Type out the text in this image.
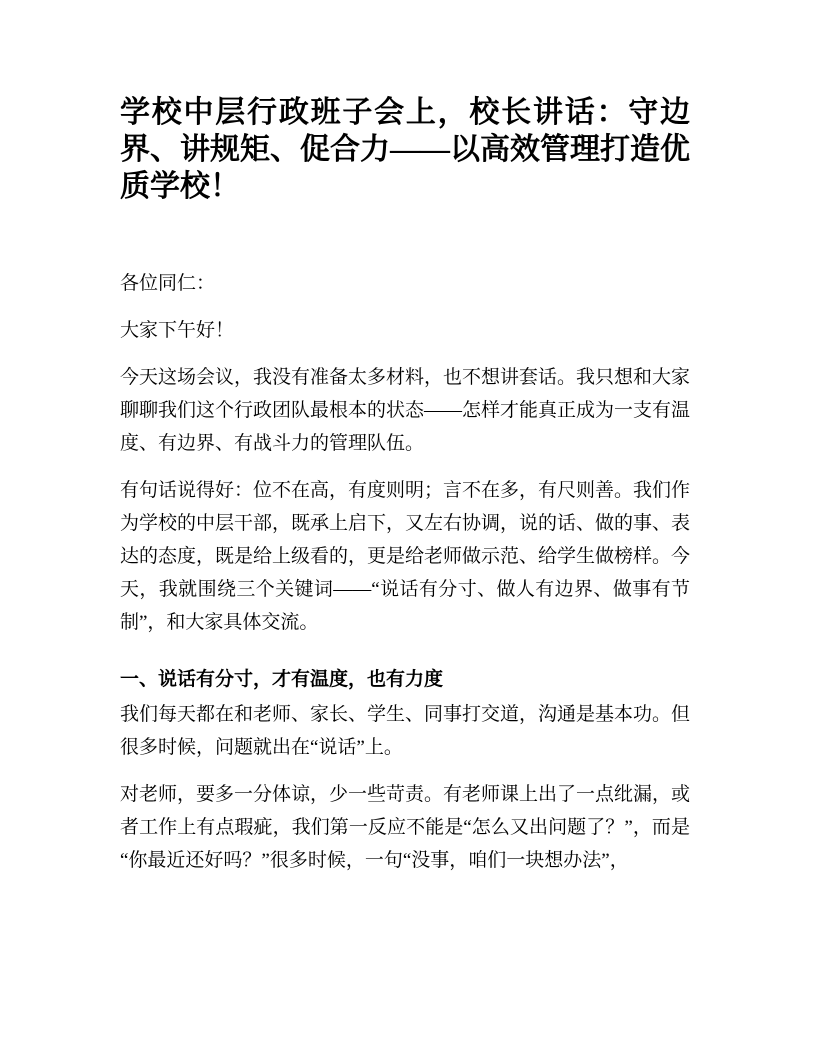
学校中层行政班子会上，校长讲话：守边界、讲规矩、促合力——以高效管理打造优质学校！

各位同仁：

大家下午好！

今天这场会议，我没有准备太多材料，也不想讲套话。我只想和大家聊聊我们这个行政团队最根本的状态——怎样才能真正成为一支有温度、有边界、有战斗力的管理队伍。

有句话说得好：位不在高，有度则明；言不在多，有尺则善。我们作为学校的中层干部，既承上启下，又左右协调，说的话、做的事、表达的态度，既是给上级看的，更是给老师做示范、给学生做榜样。今天，我就围绕三个关键词——“说话有分寸、做人有边界、做事有节制”，和大家具体交流。

一、说话有分寸，才有温度，也有力度

我们每天都在和老师、家长、学生、同事打交道，沟通是基本功。但很多时候，问题就出在“说话”上。

对老师，要多一分体谅，少一些苛责。有老师课上出了一点纰漏，或者工作上有点瑕疵，我们第一反应不能是“怎么又出问题了？”，而是“你最近还好吗？”很多时候，一句“没事，咱们一块想办法”，
